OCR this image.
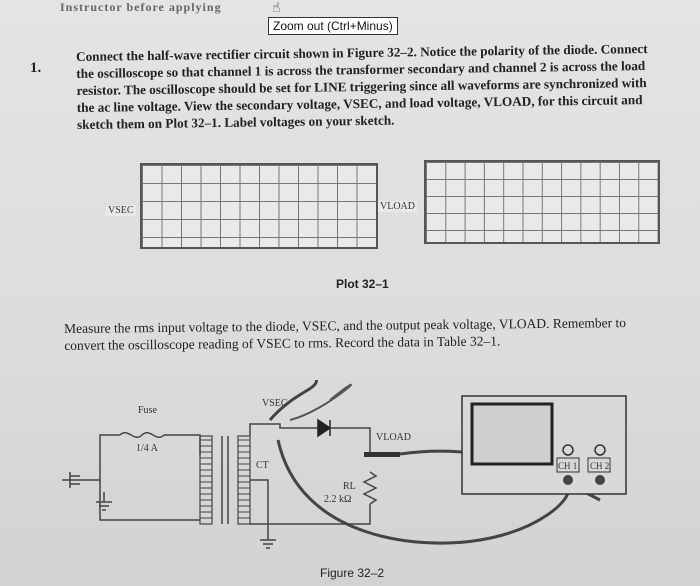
Instructor before applying	☝
Zoom out (Ctrl+Minus)
1.
Connect the half-wave rectifier circuit shown in Figure 32–2. Notice the polarity of the diode. Connect the oscilloscope so that channel 1 is across the transformer secondary and channel 2 is across the load resistor. The oscilloscope should be set for LINE triggering since all waveforms are synchronized with the ac line voltage. View the secondary voltage, VSEC, and load voltage, VLOAD, for this circuit and sketch them on Plot 32–1. Label voltages on your sketch.
VSEC	VLOAD
Plot 32–1
Measure the rms input voltage to the diode, VSEC, and the output peak voltage, VLOAD. Remember to convert the oscilloscope reading of VSEC to rms. Record the data in Table 32–1.
Fuse
1/4 A
VSEC
VLOAD
CT
RL
2.2 kΩ
CH 1 CH 2
Figure 32–2
